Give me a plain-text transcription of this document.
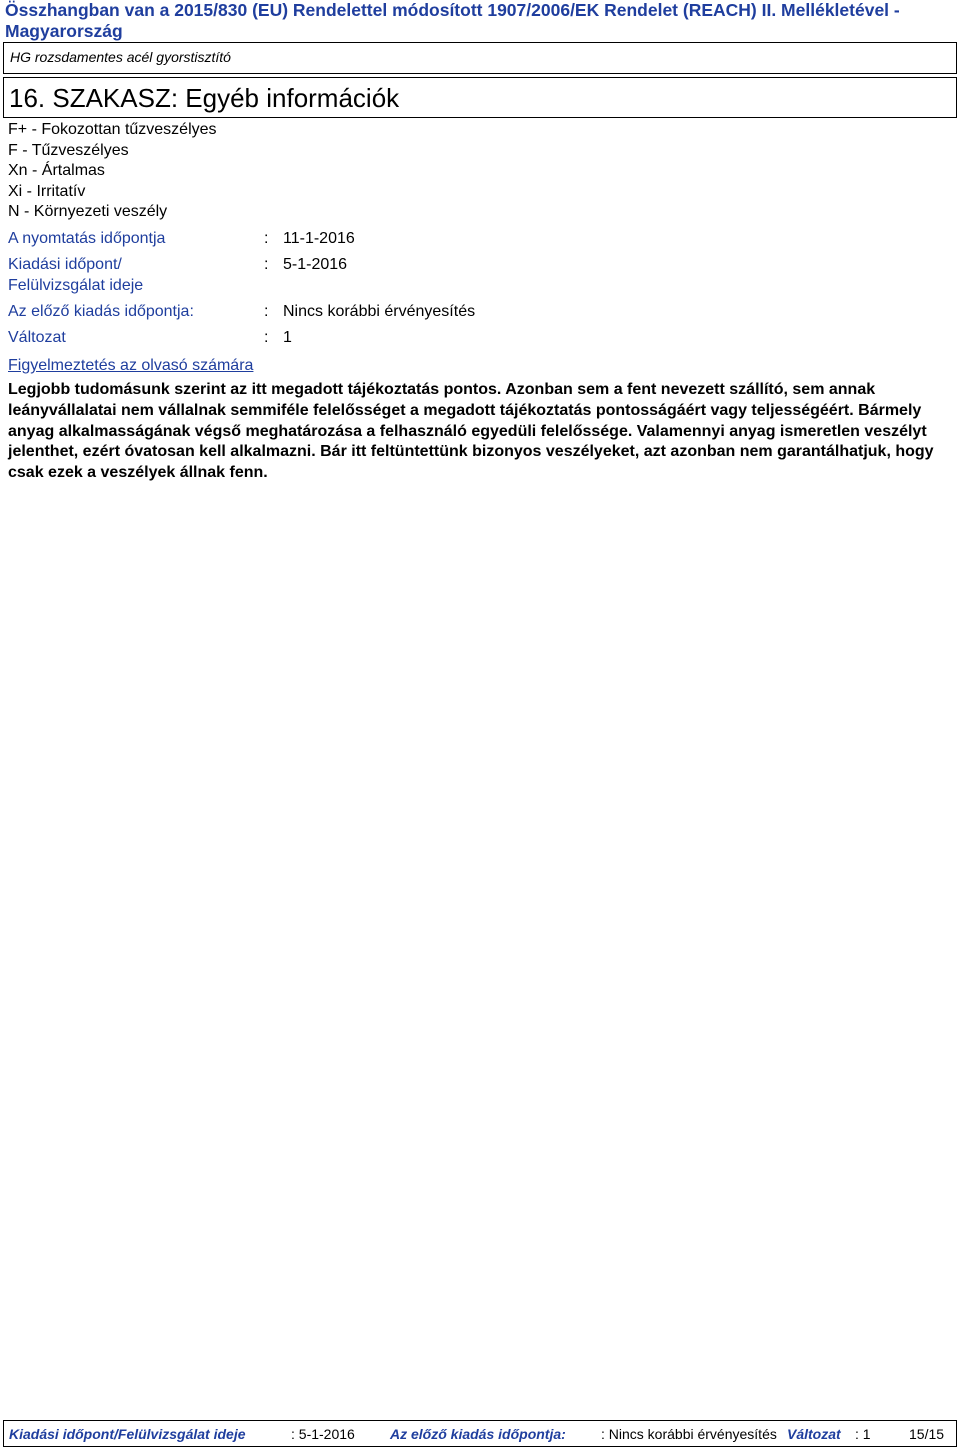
Összhangban van a 2015/830 (EU) Rendelettel módosított 1907/2006/EK Rendelet (REACH) II. Mellékletével - Magyarország
HG rozsdamentes acél gyorstisztító
16. SZAKASZ: Egyéb információk
F+ - Fokozottan tűzveszélyes
F - Tűzveszélyes
Xn - Ártalmas
Xi - Irritatív
N - Környezeti veszély
A nyomtatás időpontja	: 11-1-2016
Kiadási időpont/
Felülvizsgálat ideje
: 5-1-2016
Az előző kiadás időpontja:	: Nincs korábbi érvényesítés
Változat	: 1
Figyelmeztetés az olvasó számára

Legjobb tudomásunk szerint az itt megadott tájékoztatás pontos. Azonban sem a fent nevezett szállító, sem annak leányvállalatai nem vállalnak semmiféle felelősséget a megadott tájékoztatás pontosságáért vagy teljességéért. Bármely anyag alkalmasságának végső meghatározása a felhasználó egyedüli felelőssége. Valamennyi anyag ismeretlen veszélyt jelenthet, ezért óvatosan kell alkalmazni. Bár itt feltüntettünk bizonyos veszélyeket, azt azonban nem garantálhatjuk, hogy csak ezek a veszélyek állnak fenn.

Kiadási időpont/Felülvizsgálat ideje	: 5-1-2016	Az előző kiadás időpontja:	: Nincs korábbi érvényesítés Változat : 1	15/15
